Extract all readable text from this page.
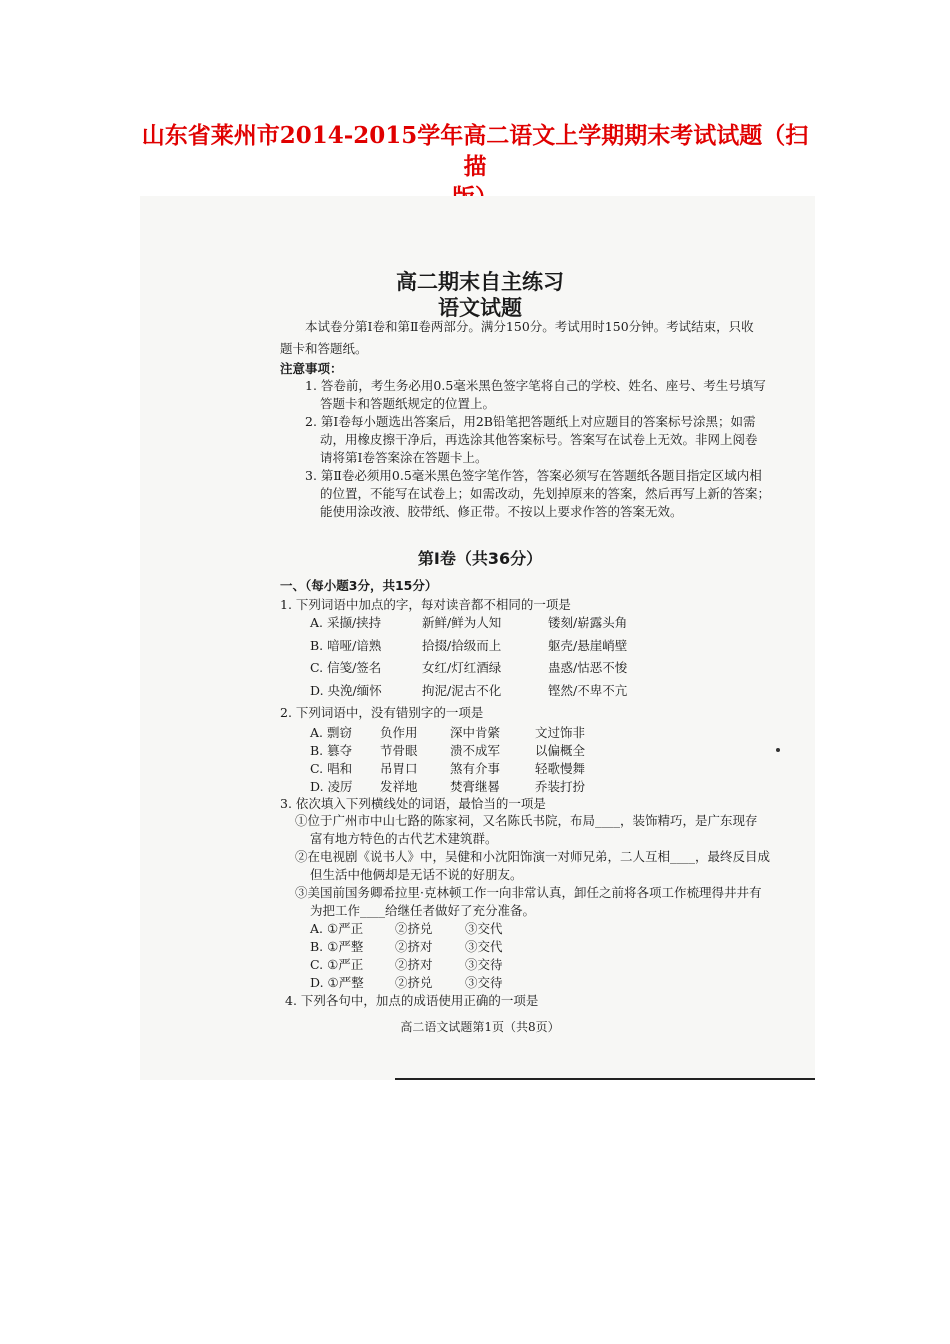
山东省莱州市2014-2015学年高二语文上学期期末考试试题（扫描
高二期末自主练习
语文试题
本试卷分第Ⅰ卷和第Ⅱ卷两部分。满分150分。考试用时150分钟。考试结束，只收
题卡和答题纸。
注意事项：
1. 答卷前，考生务必用0.5毫米黑色签字笔将自己的学校、姓名、座号、考生号填写
答题卡和答题纸规定的位置上。
2. 第Ⅰ卷每小题选出答案后，用2B铅笔把答题纸上对应题目的答案标号涂黑；如需
动，用橡皮擦干净后，再选涂其他答案标号。答案写在试卷上无效。非网上阅卷
请将第Ⅰ卷答案涂在答题卡上。
3. 第Ⅱ卷必须用0.5毫米黑色签字笔作答，答案必须写在答题纸各题目指定区域内相
的位置，不能写在试卷上；如需改动，先划掉原来的答案，然后再写上新的答案；
能使用涂改液、胶带纸、修正带。不按以上要求作答的答案无效。
第Ⅰ卷（共36分）
一、（每小题3分，共15分）
1. 下列词语中加点的字，每对读音都不相同的一项是
A. 采撷/挟持	新鲜/鲜为人知	镂刻/崭露头角
B. 喑哑/谙熟	拾掇/拾级而上	躯壳/悬崖峭壁
C. 信笺/签名	女红/灯红酒绿	蛊惑/怙恶不悛
D. 央浼/缅怀	拘泥/泥古不化	铿然/不卑不亢
2. 下列词语中，没有错别字的一项是
A. 剽窃 负作用	深中肯綮	文过饰非
B. 篡夺 节骨眼	溃不成军	以偏概全
C. 唱和 吊胃口	煞有介事	轻歌慢舞
D. 凌厉 发祥地	焚膏继晷	乔装打扮
3. 依次填入下列横线处的词语，最恰当的一项是
①位于广州市中山七路的陈家祠，又名陈氏书院，布局____，装饰精巧，是广东现存
富有地方特色的古代艺术建筑群。
②在电视剧《说书人》中，吴健和小沈阳饰演一对师兄弟，二人互相____，最终反目成
但生活中他俩却是无话不说的好朋友。
③美国前国务卿希拉里·克林顿工作一向非常认真，卸任之前将各项工作梳理得井井有
为把工作____给继任者做好了充分准备。
A. ①严正	②挤兑	③交代
B. ①严整	②挤对	③交代
C. ①严正	②挤对	③交待
D. ①严整	②挤兑	③交待
4. 下列各句中，加点的成语使用正确的一项是
高二语文试题第1页（共8页）
